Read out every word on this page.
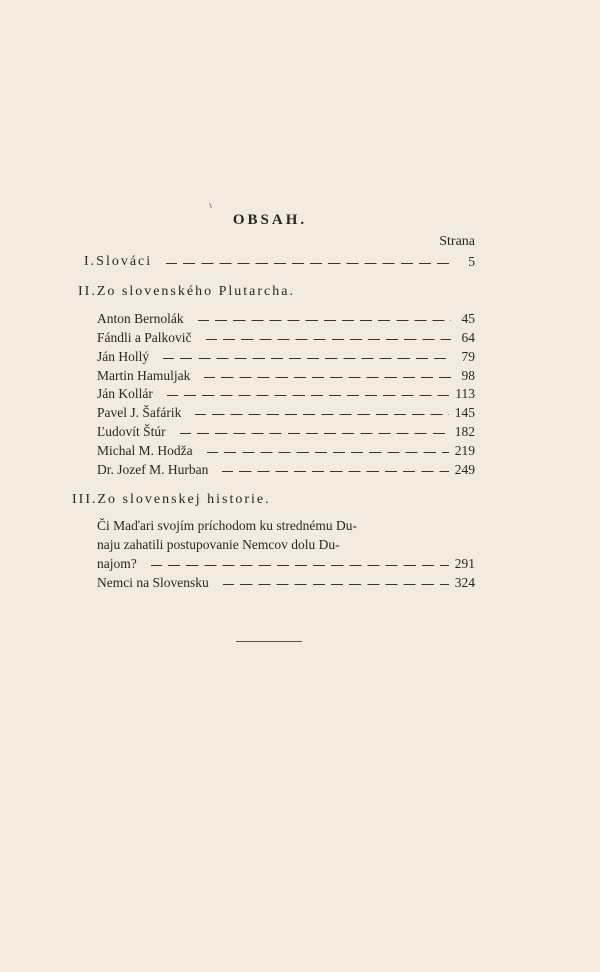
OBSAH.
Strana
I.Slováci	5
II.Zo slovenského Plutarcha.
Anton Bernolák	45
Fándli a Palkovič	64
Ján Hollý	79
Martin Hamuljak	98
Ján Kollár	113
Pavel J. Šafárik	145
Ľudovít Štúr	182
Michal M. Hodža	219
Dr. Jozef M. Hurban	249
III.Zo slovenskej historie.
Či Maďari svojím príchodom ku strednému Du-
naju zahatili postupovanie Nemcov dolu Du-
najom?	291
Nemci na Slovensku	324
